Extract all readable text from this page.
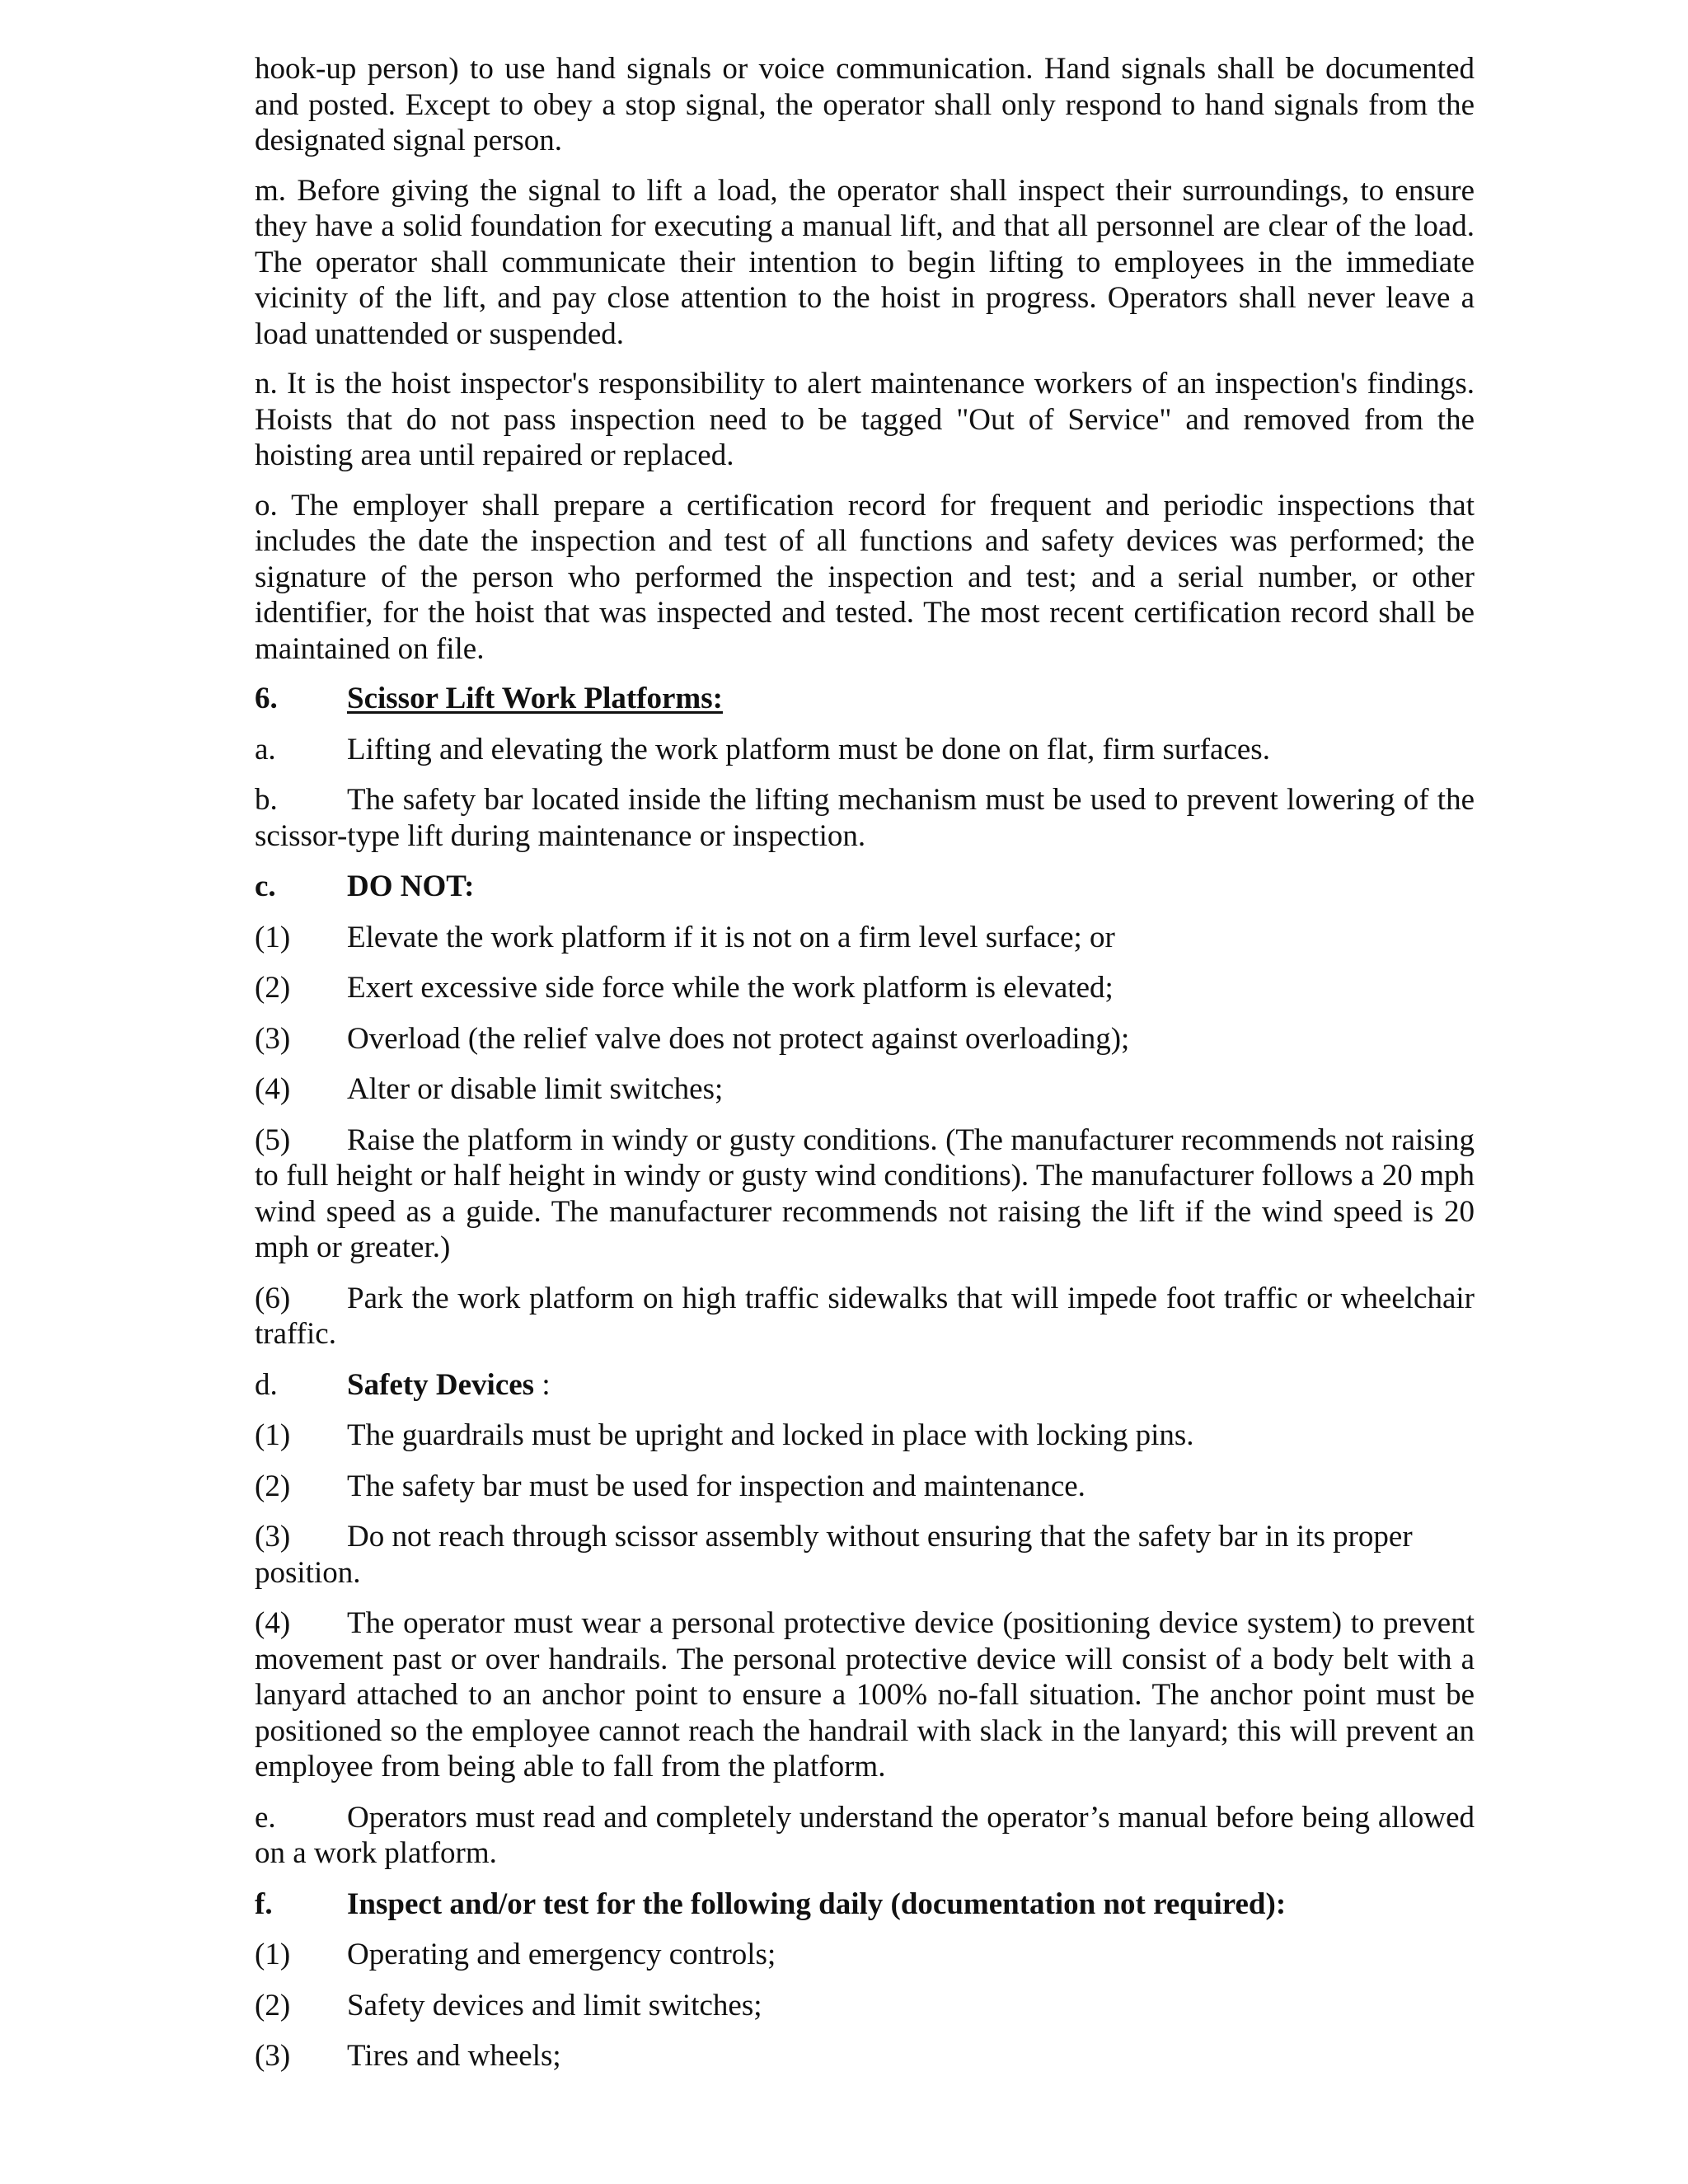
hook-up person) to use hand signals or voice communication. Hand signals shall be documented and posted. Except to obey a stop signal, the operator shall only respond to hand signals from the designated signal person.

m. Before giving the signal to lift a load, the operator shall inspect their surroundings, to ensure they have a solid foundation for executing a manual lift, and that all personnel are clear of the load. The operator shall communicate their intention to begin lifting to employees in the immediate vicinity of the lift, and pay close attention to the hoist in progress. Operators shall never leave a load unattended or suspended.

n. It is the hoist inspector's responsibility to alert maintenance workers of an inspection's findings. Hoists that do not pass inspection need to be tagged "Out of Service" and removed from the hoisting area until repaired or replaced.

o. The employer shall prepare a certification record for frequent and periodic inspections that includes the date the inspection and test of all functions and safety devices was performed; the signature of the person who performed the inspection and test; and a serial number, or other identifier, for the hoist that was inspected and tested. The most recent certification record shall be maintained on file.

6.	Scissor Lift Work Platforms:
a.	Lifting and elevating the work platform must be done on flat, firm surfaces.

b. The safety bar located inside the lifting mechanism must be used to prevent lowering of the scissor-type lift during maintenance or inspection.

c.	DO NOT:
(1)	Elevate the work platform if it is not on a firm level surface; or
(2)	Exert excessive side force while the work platform is elevated;
(3)	Overload (the relief valve does not protect against overloading);
(4)	Alter or disable limit switches;

(5) Raise the platform in windy or gusty conditions. (The manufacturer recommends not raising to full height or half height in windy or gusty wind conditions). The manufacturer follows a 20 mph wind speed as a guide. The manufacturer recommends not raising the lift if the wind speed is 20 mph or greater.)

(6) Park the work platform on high traffic sidewalks that will impede foot traffic or wheelchair traffic.

d.	Safety Devices :
(1)	The guardrails must be upright and locked in place with locking pins.
(2)	The safety bar must be used for inspection and maintenance.

(3) Do not reach through scissor assembly without ensuring that the safety bar in its proper position.

(4) The operator must wear a personal protective device (positioning device system) to prevent movement past or over handrails. The personal protective device will consist of a body belt with a lanyard attached to an anchor point to ensure a 100% no-fall situation. The anchor point must be positioned so the employee cannot reach the handrail with slack in the lanyard; this will prevent an employee from being able to fall from the platform.

e. Operators must read and completely understand the operator’s manual before being allowed on a work platform.

f.	Inspect and/or test for the following daily (documentation not required):
(1)	Operating and emergency controls;
(2)	Safety devices and limit switches;
(3)	Tires and wheels;
